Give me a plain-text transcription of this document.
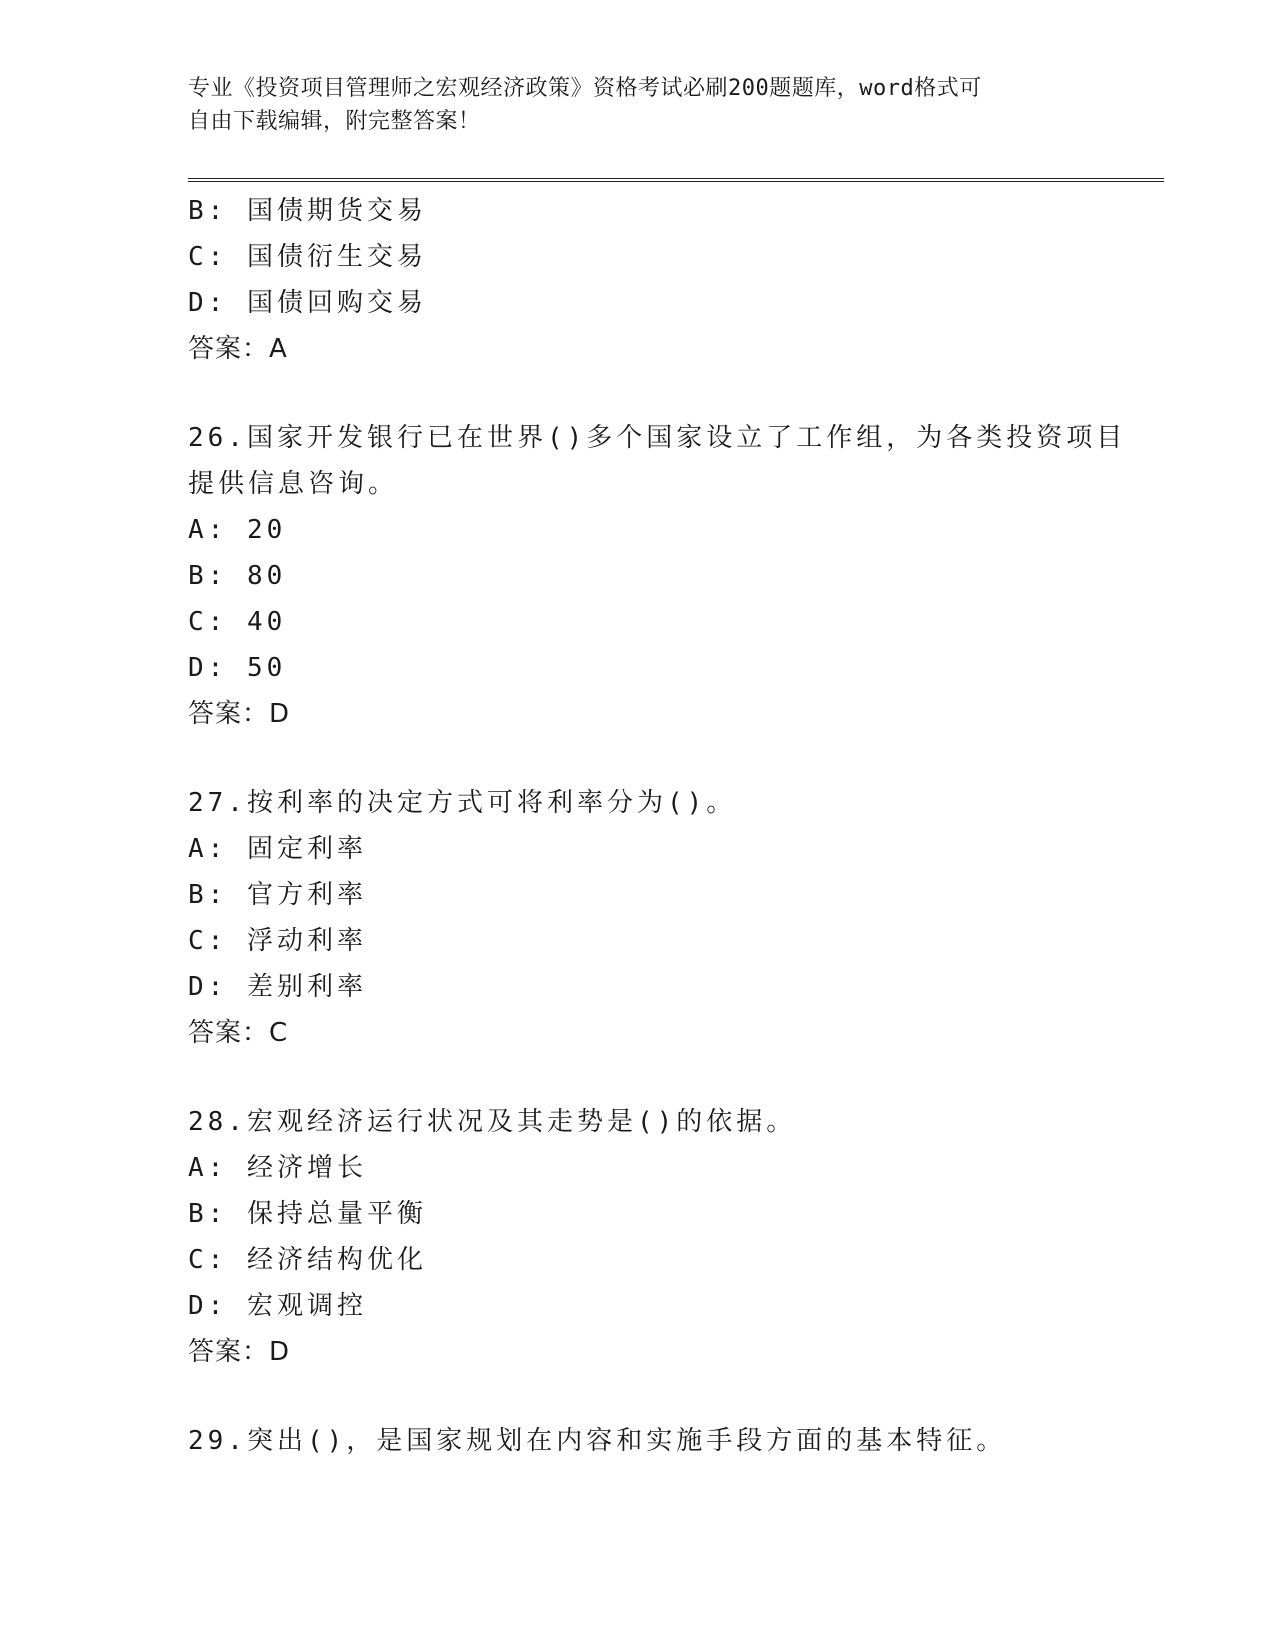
专业《投资项目管理师之宏观经济政策》资格考试必刷200题题库，word格式可
自由下载编辑，附完整答案！
B: 国债期货交易
C: 国债衍生交易
D: 国债回购交易
答案：A
26.国家开发银行已在世界()多个国家设立了工作组，为各类投资项目
提供信息咨询。
A: 20
B: 80
C: 40
D: 50
答案：D
27.按利率的决定方式可将利率分为()。
A: 固定利率
B: 官方利率
C: 浮动利率
D: 差别利率
答案：C
28.宏观经济运行状况及其走势是()的依据。
A: 经济增长
B: 保持总量平衡
C: 经济结构优化
D: 宏观调控
答案：D
29.突出()，是国家规划在内容和实施手段方面的基本特征。
